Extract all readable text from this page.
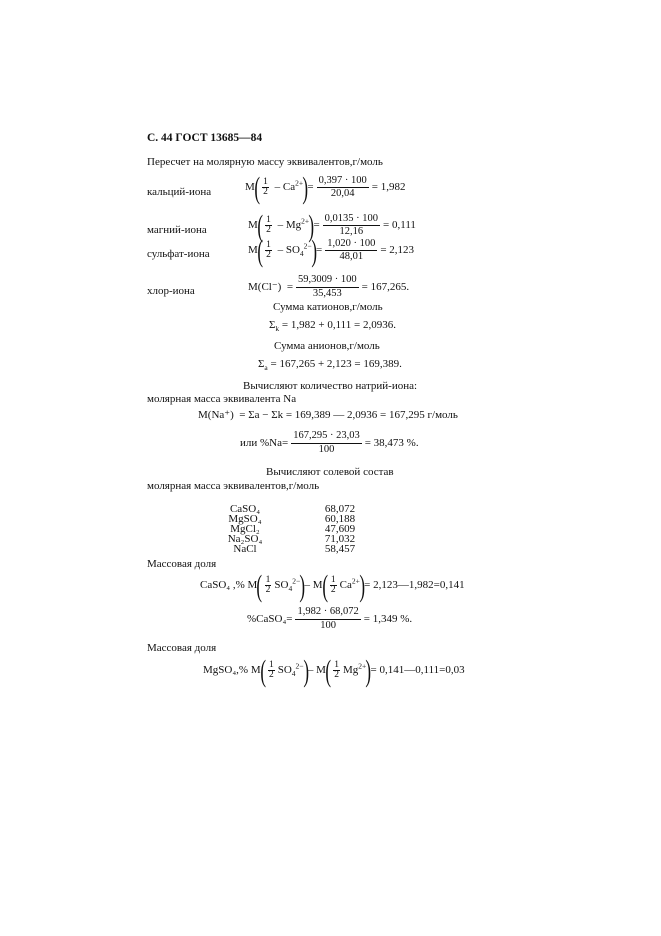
С. 44 ГОСТ 13685—84
Пересчет на молярную массу эквивалентов,г/моль
кальций-иона	M ( 1
$2 - Ca^{2+}$ ) = $\frac{0,397 \cdot 100}{20,04} = 1,982$
магний-иона	M ( 1
$2 - Mg^{2+}$ ) = $\frac{0,0135 \cdot 100}{12,16} = 0,111$
сульфат-иона	M ( 1
$2 - SO_4^{2-}$ ) = $\frac{1,020 \cdot 100}{48,01} = 2,123$
хлор-иона	$M(Cl^-) = \frac{59,3009 \cdot 100}{35,453} = 167,265$.
Сумма катионов,г/моль
$\Sigma_k = 1,982 + 0,111 = 2,0936$.
Сумма анионов,г/моль
$\Sigma_a = 167,265 + 2,123 = 169,389$.
Вычисляют количество натрий-иона:
молярная масса эквивалента Na
M(Na⁺) = Σa − Σk = 169,389 — 2,0936 = 167,295 г/моль
или $\%Na= \frac{167,295 \cdot 23,03}{100} = 38,473$ %.
Вычисляют солевой состав
молярная масса эквивалентов,г/моль
CaSO₄	68,072
MgSO₄	60,188
MgCl₂	47,609
Na₂SO₄	71,032
NaCl	58,457
Массовая доля
CaSO₄ ,%
M ( 1
2 $SO_4^{2-}$ ) – M ( 1
2 $Ca^{2+}$ ) = 2,123—1,982=0,141
%CaSO₄= $\frac{1,982 \cdot 68,072}{100} = 1,349$ %.
Массовая доля
MgSO₄,%
M ( 1
2 $SO_4^{2-}$ ) – M ( 1
2 $Mg^{2+}$ ) = 0,141—0,111=0,03
